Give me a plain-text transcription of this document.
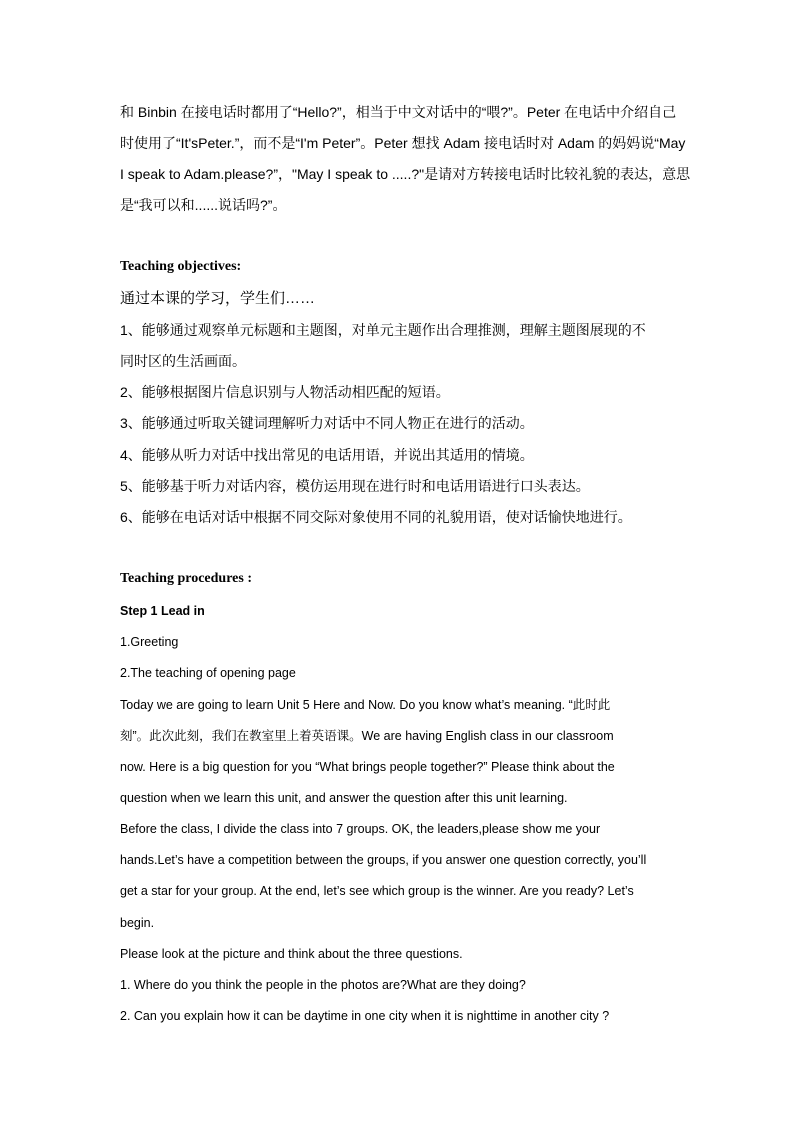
和 Binbin 在接电话时都用了“Hello?”，相当于中文对话中的“喂?”。Peter 在电话中介绍自己
时使用了“It'sPeter.”，而不是“I'm Peter”。Peter 想找 Adam 接电话时对 Adam 的妈妈说“May
I speak to Adam.please?”，"May I speak to .....?"是请对方转接电话时比较礼貌的表达，意思
是“我可以和......说话吗?”。
Teaching objectives:
通过本课的学习，学生们……
1、能够通过观察单元标题和主题图，对单元主题作出合理推测，理解主题图展现的不
同时区的生活画面。
2、能够根据图片信息识别与人物活动相匹配的短语。
3、能够通过听取关键词理解听力对话中不同人物正在进行的活动。
4、能够从听力对话中找出常见的电话用语，并说出其适用的情境。
5、能够基于听力对话内容，模仿运用现在进行时和电话用语进行口头表达。
6、能够在电话对话中根据不同交际对象使用不同的礼貌用语，使对话愉快地进行。
Teaching procedures :
Step 1 Lead in
1.Greeting
2.The teaching of opening page
Today we are going to learn Unit 5 Here and Now. Do you know what’s meaning. “此时此
刻”。此次此刻，我们在教室里上着英语课。We are having English class in our classroom
now. Here is a big question for you “What brings people together?” Please think about the
question when we learn this unit, and answer the question after this unit learning.
Before the class, I divide the class into 7 groups. OK, the leaders,please show me your
hands.Let’s have a competition between the groups, if you answer one question correctly, you’ll
get a star for your group. At the end, let’s see which group is the winner. Are you ready? Let’s
begin.
Please look at the picture and think about the three questions.
1. Where do you think the people in the photos are?What are they doing?
2. Can you explain how it can be daytime in one city when it is nighttime in another city ?
